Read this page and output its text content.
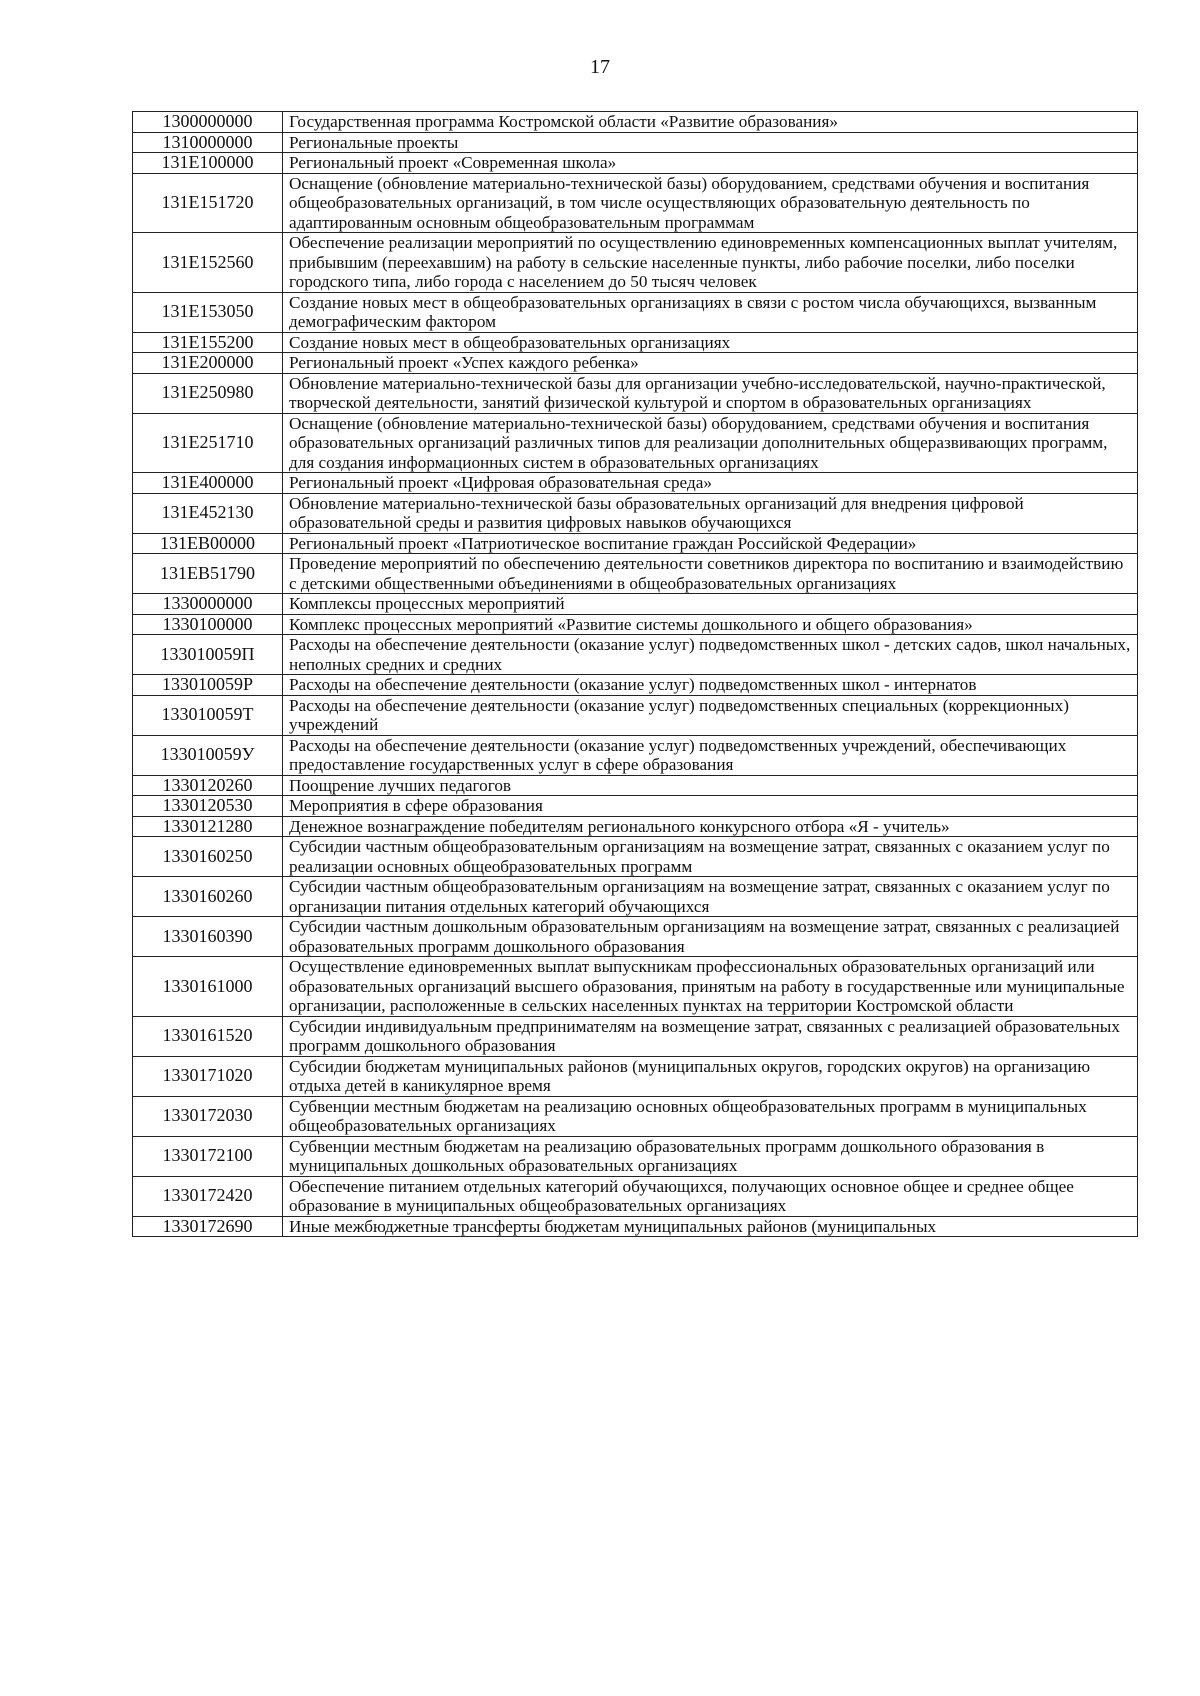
17
1300000000	Государственная программа Костромской области «Развитие образования»
1310000000	Региональные проекты
131E100000	Региональный проект «Современная школа»
131E151720	Оснащение (обновление материально-технической базы) оборудованием, средствами обучения и воспитания общеобразовательных организаций, в том числе осуществляющих образовательную деятельность по адаптированным основным общеобразовательным программам
131E152560	Обеспечение реализации мероприятий по осуществлению единовременных компенсационных выплат учителям, прибывшим (переехавшим) на работу в сельские населенные пункты, либо рабочие поселки, либо поселки городского типа, либо города с населением до 50 тысяч человек
131E153050	Создание новых мест в общеобразовательных организациях в связи с ростом числа обучающихся, вызванным демографическим фактором
131E155200	Создание новых мест в общеобразовательных организациях
131E200000	Региональный проект «Успех каждого ребенка»
131E250980	Обновление материально-технической базы для организации учебно-исследовательской, научно-практической, творческой деятельности, занятий физической культурой и спортом в образовательных организациях
131E251710	Оснащение (обновление материально-технической базы) оборудованием, средствами обучения и воспитания образовательных организаций различных типов для реализации дополнительных общеразвивающих программ, для создания информационных систем в образовательных организациях
131E400000	Региональный проект «Цифровая образовательная среда»
131E452130	Обновление материально-технической базы образовательных организаций для внедрения цифровой образовательной среды и развития цифровых навыков обучающихся
131EB00000	Региональный проект «Патриотическое воспитание граждан Российской Федерации»
131EB51790	Проведение мероприятий по обеспечению деятельности советников директора по воспитанию и взаимодействию с детскими общественными объединениями в общеобразовательных организациях
1330000000	Комплексы процессных мероприятий
1330100000	Комплекс процессных мероприятий «Развитие системы дошкольного и общего образования»
133010059П	Расходы на обеспечение деятельности (оказание услуг) подведомственных школ - детских садов, школ начальных, неполных средних и средних
133010059Р	Расходы на обеспечение деятельности (оказание услуг) подведомственных школ - интернатов
133010059Т	Расходы на обеспечение деятельности (оказание услуг) подведомственных специальных (коррекционных) учреждений
133010059У	Расходы на обеспечение деятельности (оказание услуг) подведомственных учреждений, обеспечивающих предоставление государственных услуг в сфере образования
1330120260	Поощрение лучших педагогов
1330120530	Мероприятия в сфере образования
1330121280	Денежное вознаграждение победителям регионального конкурсного отбора «Я - учитель»
1330160250	Субсидии частным общеобразовательным организациям на возмещение затрат, связанных с оказанием услуг по реализации основных общеобразовательных программ
1330160260	Субсидии частным общеобразовательным организациям на возмещение затрат, связанных с оказанием услуг по организации питания отдельных категорий обучающихся
1330160390	Субсидии частным дошкольным образовательным организациям на возмещение затрат, связанных с реализацией образовательных программ дошкольного образования
1330161000	Осуществление единовременных выплат выпускникам профессиональных образовательных организаций или образовательных организаций высшего образования, принятым на работу в государственные или муниципальные организации, расположенные в сельских населенных пунктах на территории Костромской области
1330161520	Субсидии индивидуальным предпринимателям на возмещение затрат, связанных с реализацией образовательных программ дошкольного образования
1330171020	Субсидии бюджетам муниципальных районов (муниципальных округов, городских округов) на организацию отдыха детей в каникулярное время
1330172030	Субвенции местным бюджетам на реализацию основных общеобразовательных программ в муниципальных общеобразовательных организациях
1330172100	Субвенции местным бюджетам на реализацию образовательных программ дошкольного образования в муниципальных дошкольных образовательных организациях
1330172420	Обеспечение питанием отдельных категорий обучающихся, получающих основное общее и среднее общее образование в муниципальных общеобразовательных организациях
1330172690	Иные межбюджетные трансферты бюджетам муниципальных районов (муниципальных
